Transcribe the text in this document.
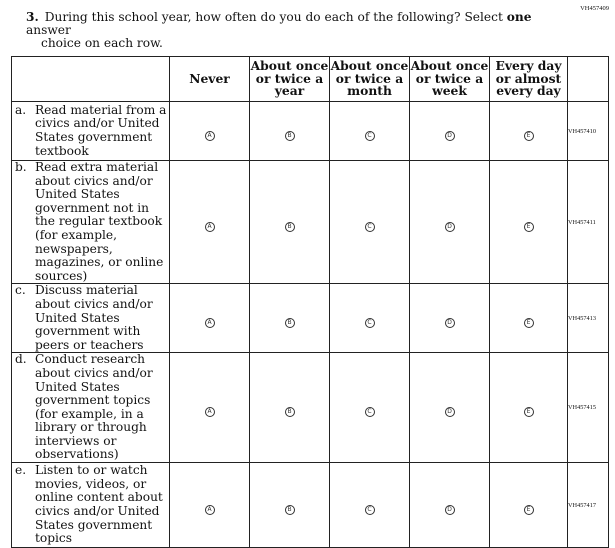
VH457409
3. During this school year, how often do you do each of the following? Select one answer
choice on each row.
	Never	About once or twice a year	About once or twice a month	About once or twice a week	Every day or almost every day	

a. Read material from a civics and/or United States government textbook	A	B	C	D	E	VH457410

b. Read extra material about civics and/or United States government not in the regular textbook (for example, newspapers, magazines, or online sources)	A	B	C	D	E	VH457411

c. Discuss material about civics and/or United States government with peers or teachers	A	B	C	D	E	VH457413

d. Conduct research about civics and/or United States government topics (for example, in a library or through interviews or observations)	A	B	C	D	E	VH457415

e. Listen to or watch movies, videos, or online content about civics and/or United States government topics	A	B	C	D	E	VH457417
